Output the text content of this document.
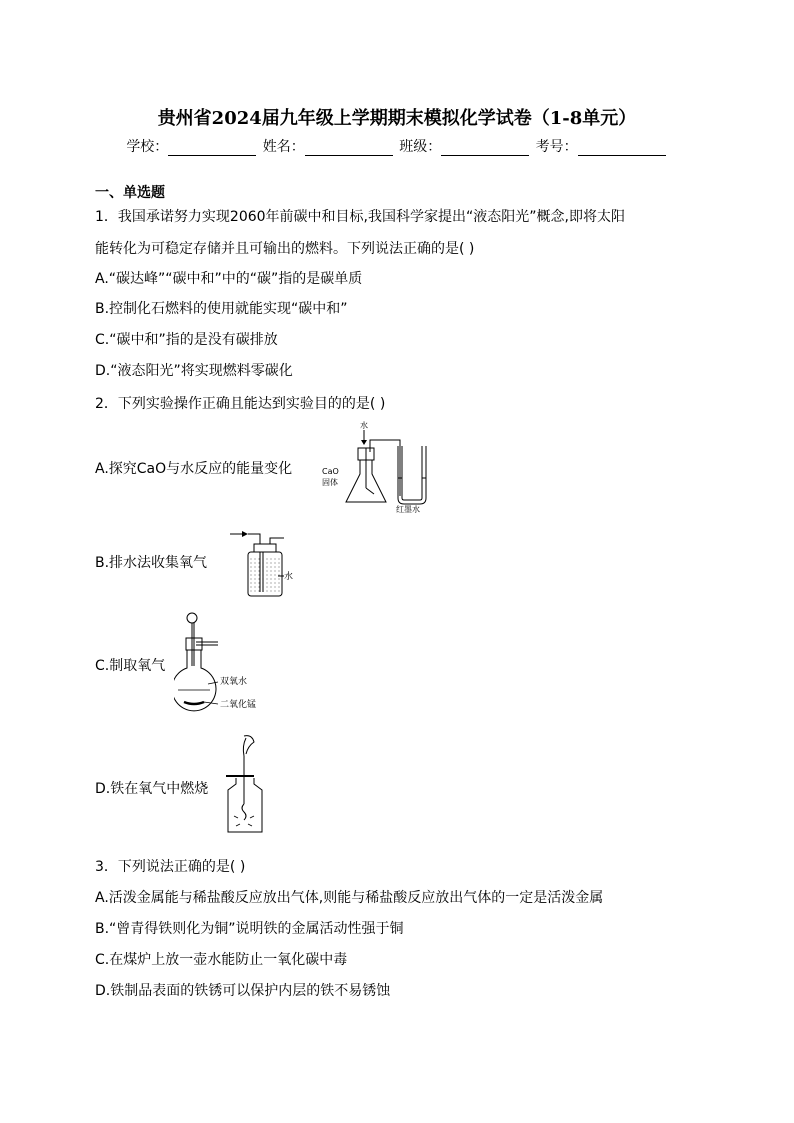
贵州省2024届九年级上学期期末模拟化学试卷（1-8单元）
学校：	姓名：	班级：	考号：
一、单选题
1．我国承诺努力实现2060年前碳中和目标,我国科学家提出“液态阳光”概念,即将太阳
能转化为可稳定存储并且可输出的燃料。下列说法正确的是( )
A.“碳达峰”“碳中和”中的“碳”指的是碳单质
B.控制化石燃料的使用就能实现“碳中和”
C.“碳中和”指的是没有碳排放
D.“液态阳光”将实现燃料零碳化
2．下列实验操作正确且能达到实验目的的是( )
A.探究CaO与水反应的能量变化
水
CaO
固体
红墨水
B.排水法收集氧气
水
C.制取氧气
双氧水
二氧化锰
D.铁在氧气中燃烧
3．下列说法正确的是( )
A.活泼金属能与稀盐酸反应放出气体,则能与稀盐酸反应放出气体的一定是活泼金属
B.“曾青得铁则化为铜”说明铁的金属活动性强于铜
C.在煤炉上放一壶水能防止一氧化碳中毒
D.铁制品表面的铁锈可以保护内层的铁不易锈蚀
